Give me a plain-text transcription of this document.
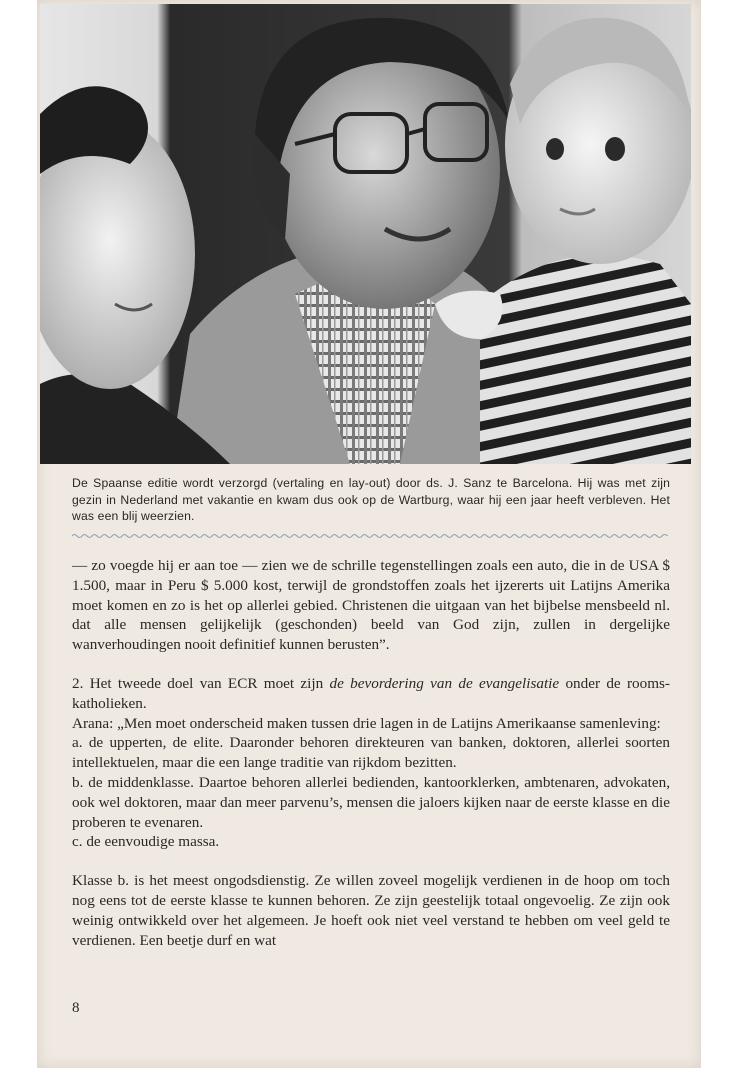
De Spaanse editie wordt verzorgd (vertaling en lay-out) door ds. J. Sanz te Barcelona. Hij was met zijn gezin in Nederland met vakantie en kwam dus ook op de Wartburg, waar hij een jaar heeft verbleven. Het was een blij weerzien.

— zo voegde hij er aan toe — zien we de schrille tegenstellingen zoals een auto, die in de USA $ 1.500, maar in Peru $ 5.000 kost, terwijl de grondstoffen zoals het ijzererts uit Latijns Amerika moet komen en zo is het op allerlei gebied. Christenen die uitgaan van het bijbelse mensbeeld nl. dat alle mensen gelijkelijk (geschonden) beeld van God zijn, zullen in dergelijke wanverhoudingen nooit definitief kunnen berusten”.

2. Het tweede doel van ECR moet zijn de bevordering van de evangelisatie onder de rooms-katholieken.

Arana: „Men moet onderscheid maken tussen drie lagen in de Latijns Amerikaanse samenleving:

a. de upperten, de elite. Daaronder behoren direkteuren van banken, doktoren, allerlei soorten intellektuelen, maar die een lange traditie van rijkdom bezitten.

b. de middenklasse. Daartoe behoren allerlei bedienden, kantoorklerken, ambtenaren, advokaten, ook wel doktoren, maar dan meer parvenu’s, mensen die jaloers kijken naar de eerste klasse en die proberen te evenaren.

c. de eenvoudige massa.

Klasse b. is het meest ongodsdienstig. Ze willen zoveel mogelijk verdienen in de hoop om toch nog eens tot de eerste klasse te kunnen behoren. Ze zijn geestelijk totaal ongevoelig. Ze zijn ook weinig ontwikkeld over het algemeen. Je hoeft ook niet veel verstand te hebben om veel geld te verdienen. Een beetje durf en wat

8
